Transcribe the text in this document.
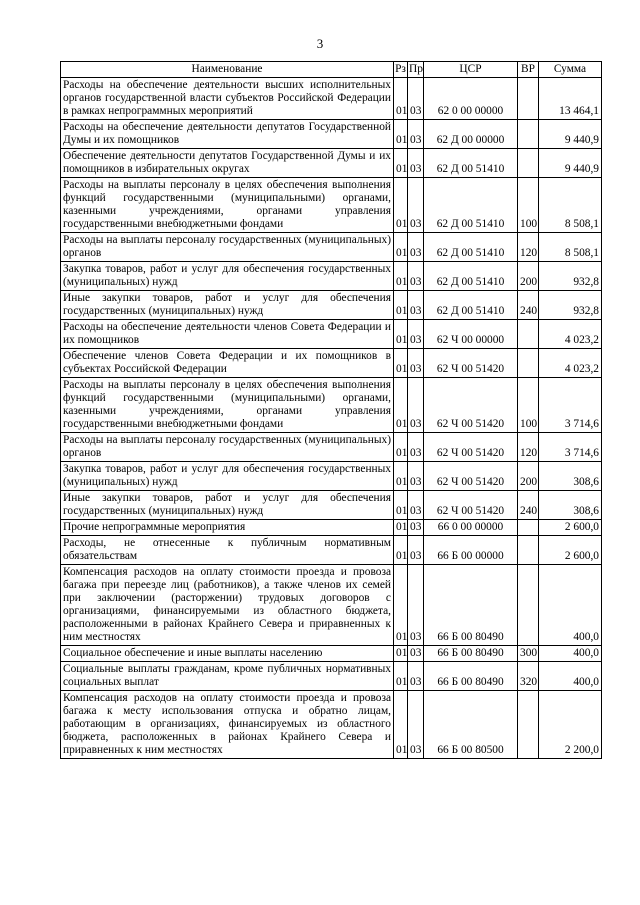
3
Наименование	Рз	Пр	ЦСР	ВР	Сумма
Расходы на обеспечение деятельности высших исполнительных органов государственной власти субъектов Российской Федерации в рамках непрограммных мероприятий	01	03	62 0 00 00000		13 464,1
Расходы на обеспечение деятельности депутатов Государственной Думы и их помощников	01	03	62 Д 00 00000		9 440,9
Обеспечение деятельности депутатов Государственной Думы и их помощников в избирательных округах	01	03	62 Д 00 51410		9 440,9
Расходы на выплаты персоналу в целях обеспечения выполнения функций государственными (муниципальными) органами, казенными учреждениями, органами управления государственными внебюджетными фондами	01	03	62 Д 00 51410	100	8 508,1
Расходы на выплаты персоналу государственных (муниципальных) органов	01	03	62 Д 00 51410	120	8 508,1
Закупка товаров, работ и услуг для обеспечения государственных (муниципальных) нужд	01	03	62 Д 00 51410	200	932,8
Иные закупки товаров, работ и услуг для обеспечения государственных (муниципальных) нужд	01	03	62 Д 00 51410	240	932,8
Расходы на обеспечение деятельности членов Совета Федерации и их помощников	01	03	62 Ч 00 00000		4 023,2
Обеспечение членов Совета Федерации и их помощников в субъектах Российской Федерации	01	03	62 Ч 00 51420		4 023,2
Расходы на выплаты персоналу в целях обеспечения выполнения функций государственными (муниципальными) органами, казенными учреждениями, органами управления государственными внебюджетными фондами	01	03	62 Ч 00 51420	100	3 714,6
Расходы на выплаты персоналу государственных (муниципальных) органов	01	03	62 Ч 00 51420	120	3 714,6
Закупка товаров, работ и услуг для обеспечения государственных (муниципальных) нужд	01	03	62 Ч 00 51420	200	308,6
Иные закупки товаров, работ и услуг для обеспечения государственных (муниципальных) нужд	01	03	62 Ч 00 51420	240	308,6
Прочие непрограммные мероприятия	01	03	66 0 00 00000		2 600,0
Расходы, не отнесенные к публичным нормативным обязательствам	01	03	66 Б 00 00000		2 600,0
Компенсация расходов на оплату стоимости проезда и провоза багажа при переезде лиц (работников), а также членов их семей при заключении (расторжении) трудовых договоров с организациями, финансируемыми из областного бюджета, расположенными в районах Крайнего Севера и приравненных к ним местностях	01	03	66 Б 00 80490		400,0
Социальное обеспечение и иные выплаты населению	01	03	66 Б 00 80490	300	400,0
Социальные выплаты гражданам, кроме публичных нормативных социальных выплат	01	03	66 Б 00 80490	320	400,0
Компенсация расходов на оплату стоимости проезда и провоза багажа к месту использования отпуска и обратно лицам, работающим в организациях, финансируемых из областного бюджета, расположенных в районах Крайнего Севера и приравненных к ним местностях	01	03	66 Б 00 80500		2 200,0
